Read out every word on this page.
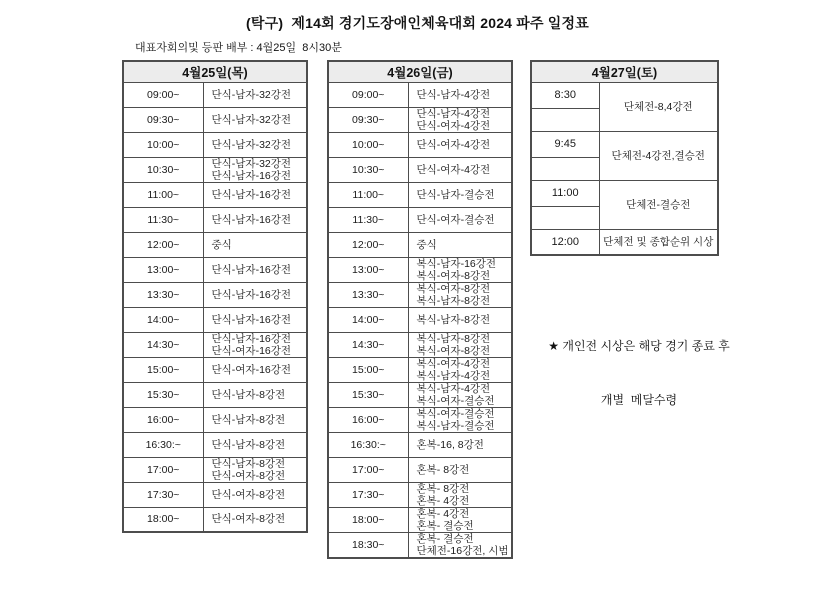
(탁구)  제14회 경기도장애인체육대회 2024 파주 일정표
대표자회의및 등판 배부 : 4월25일  8시30분
4월25일(목)	
09:00~	단식-남자-32강전

09:30~	단식-남자-32강전

10:00~	단식-남자-32강전

10:30~	단식-남자-32강전
단식-남자-16강전

11:00~	단식-남자-16강전

11:30~	단식-남자-16강전

12:00~	중식

13:00~	단식-남자-16강전

13:30~	단식-남자-16강전

14:00~	단식-남자-16강전

14:30~	단식-남자-16강전
단식-여자-16강전

15:00~	단식-여자-16강전

15:30~	단식-남자-8강전

16:00~	단식-남자-8강전

16:30:~	단식-남자-8강전

17:00~	단식-남자-8강전
단식-여자-8강전

17:30~	단식-여자-8강전

18:00~	단식-여자-8강전
4월26일(금)	
09:00~	단식-남자-4강전

09:30~	단식-남자-4강전
단식-여자-4강전

10:00~	단식-여자-4강전

10:30~	단식-여자-4강전

11:00~	단식-남자-결승전

11:30~	단식-여자-결승전

12:00~	중식

13:00~	복식-남자-16강전
복식-여자-8강전

13:30~	복식-여자-8강전
복식-남자-8강전

14:00~	복식-남자-8강전

14:30~	복식-남자-8강전
복식-여자-8강전

15:00~	복식-여자-4강전
복식-남자-4강전

15:30~	복식-남자-4강전
복식-여자-결승전

16:00~	복식-여자-결승전
복식-남자-결승전

16:30:~	혼복-16, 8강전

17:00~	혼복- 8강전

17:30~	혼복- 8강전
혼복- 4강전

18:00~	혼복- 4강전
혼복- 결승전

18:30~	혼복- 결승전
단체전-16강전, 시범
4월27일(토)	
8:30	단체전-8,4강전

9:45	단체전-4강전,결승전

11:00	단체전-결승전

12:00	단체전 및 종합순위 시상

★ 개인전 시상은 해당 경기 종료 후

개별  메달수령
